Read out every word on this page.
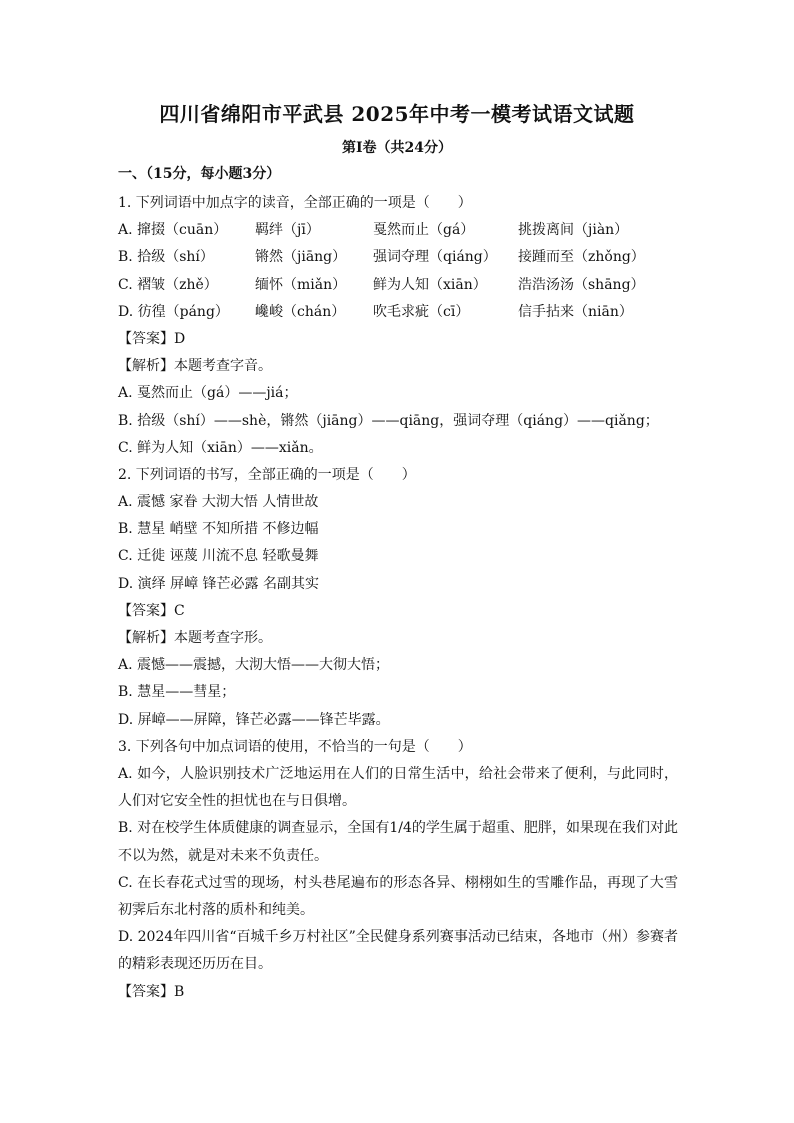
四川省绵阳市平武县 2025年中考一模考试语文试题
第Ⅰ卷（共24分）
一、（15分，每小题3分）
1. 下列词语中加点字的读音，全部正确的一项是（　　）
A. 撺掇（cuān）	羁绊（jī）	戛然而止（gá）	挑拨离间（jiàn）
B. 拾级（shí）	锵然（jiāng）	强词夺理（qiáng）	接踵而至（zhǒng）
C. 褶皱（zhě）	缅怀（miǎn）	鲜为人知（xiān）	浩浩汤汤（shāng）
D. 彷徨（páng）	巉峻（chán）	吹毛求疵（cī）	信手拈来（niān）
【答案】D
【解析】本题考查字音。
A. 戛然而止（gá）——jiá；
B. 拾级（shí）——shè，锵然（jiāng）——qiāng，强词夺理（qiáng）——qiǎng；
C. 鲜为人知（xiān）——xiǎn。
2. 下列词语的书写，全部正确的一项是（　　）
A. 震憾 家眷 大沏大悟 人情世故
B. 慧星 峭壁 不知所措 不修边幅
C. 迁徙 诬蔑 川流不息 轻歌曼舞
D. 演绎 屏嶂 锋芒必露 名副其实
【答案】C
【解析】本题考查字形。
A. 震憾——震撼，大沏大悟——大彻大悟；
B. 慧星——彗星；
D. 屏嶂——屏障，锋芒必露——锋芒毕露。
3. 下列各句中加点词语的使用，不恰当的一句是（　　）
A. 如今，人脸识别技术广泛地运用在人们的日常生活中，给社会带来了便利，与此同时，人们对它安全性的担忧也在与日俱增。
B. 对在校学生体质健康的调查显示，全国有1/4的学生属于超重、肥胖，如果现在我们对此不以为然，就是对未来不负责任。
C. 在长春花式过雪的现场，村头巷尾遍布的形态各异、栩栩如生的雪雕作品，再现了大雪初霁后东北村落的质朴和纯美。
D. 2024年四川省“百城千乡万村社区”全民健身系列赛事活动已结束，各地市（州）参赛者的精彩表现还历历在目。
【答案】B
